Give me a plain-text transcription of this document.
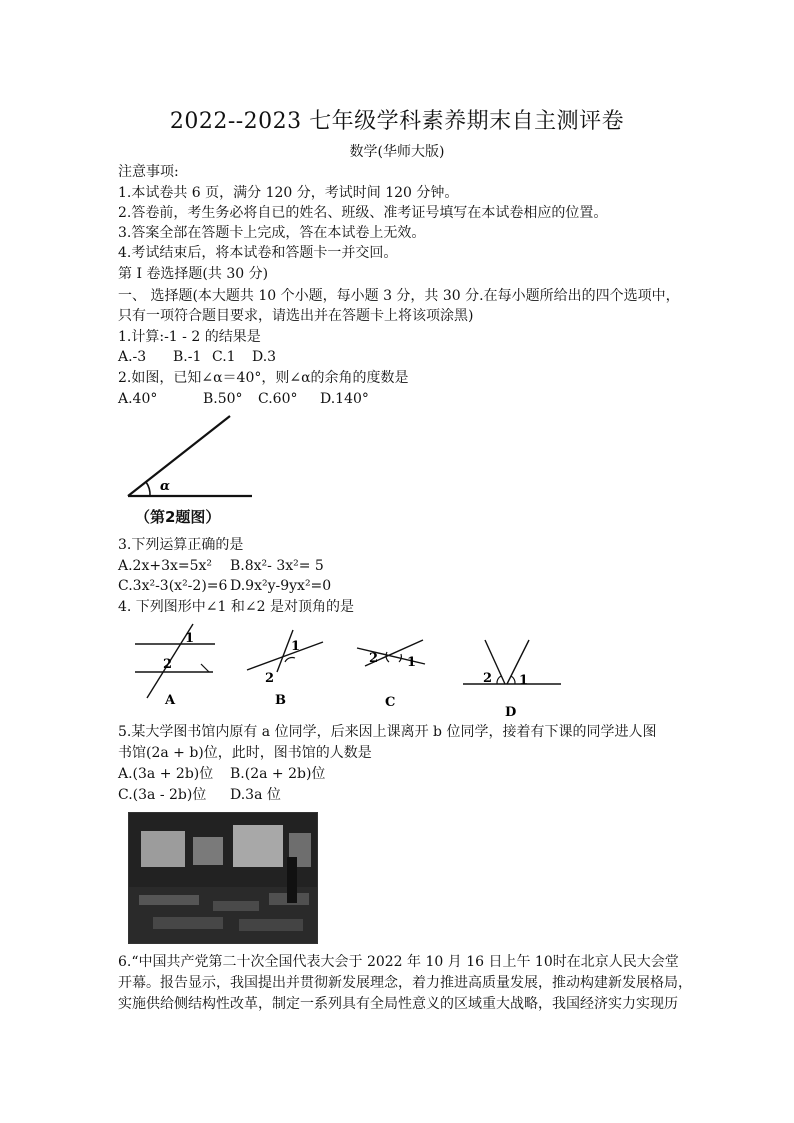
2022--2023 七年级学科素养期末自主测评卷
数学(华师大版)
注意事项:
1.本试卷共 6 页，满分 120 分，考试时间 120 分钟。
2.答卷前，考生务必将自已的姓名、班级、准考证号填写在本试卷相应的位置。
3.答案全部在答题卡上完成，答在本试卷上无效。
4.考试结束后，将本试卷和答题卡一并交回。
第 I 卷选择题(共 30 分)
一、 选择题(本大题共 10 个小题，每小题 3 分，共 30 分.在每小题所给出的四个选项中，
只有一项符合题目要求，请选出并在答题卡上将该项涂黑)
1.计算:-1 - 2 的结果是
A.-3 B.-1 C.1 D.3
2.如图，已知∠α＝40°，则∠α的余角的度数是
A.40°	B.50° C.60° D.140°
α
（第2题图）
3.下列运算正确的是
A.2x+3x=5x² B.8x²- 3x²= 5
C.3x²-3(x²-2)=6 D.9x²y-9yx²=0
4. 下列图形中∠1 和∠2 是对顶角的是
1
2
A
1
2
B
2 1
C
2 1
D
5.某大学图书馆内原有 a 位同学，后来因上课离开 b 位同学，接着有下课的同学进人图
书馆(2a + b)位，此时，图书馆的人数是
A.(3a + 2b)位 B.(2a + 2b)位
C.(3a - 2b)位 D.3a 位
6.“中国共产党第二十次全国代表大会于 2022 年 10 月 16 日上午 10时在北京人民大会堂
开幕。报告显示，我国提出并贯彻新发展理念，着力推进高质量发展，推动构建新发展格局，
实施供给侧结构性改革，制定一系列具有全局性意义的区域重大战略，我国经济实力实现历
